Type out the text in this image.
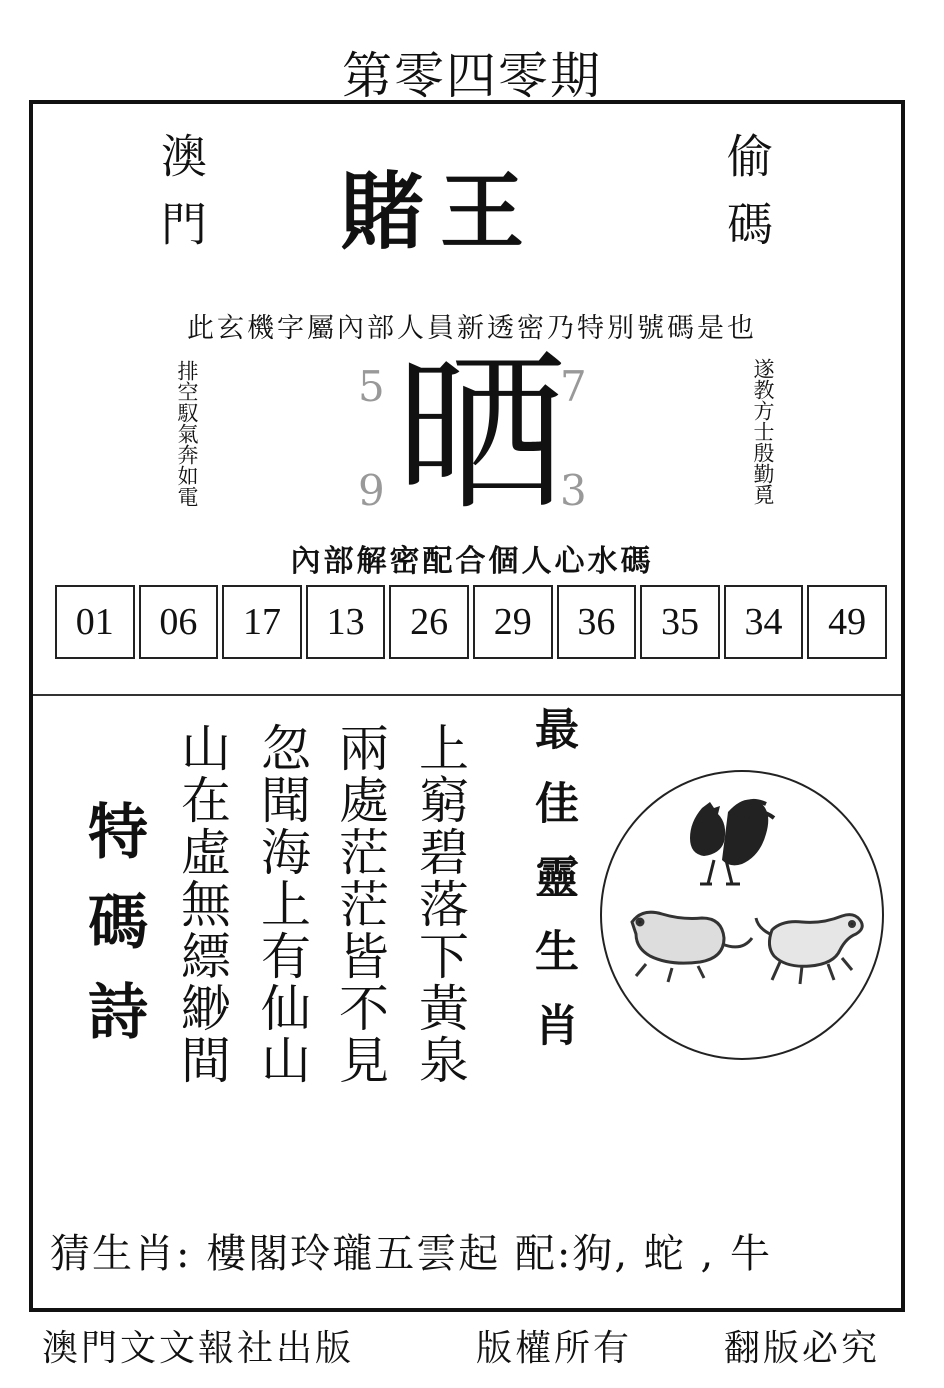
第零四零期
澳門	偷碼
賭王
此玄機字屬內部人員新透密乃特別號碼是也
排空馭氣奔如電	遂教方士殷勤覓
5	7
9	3
晒
內部解密配合個人心水碼
01	06	17	13	26	29	36	35	34	49
特碼詩	上窮碧落下黃泉
兩處茫茫皆不見
忽聞海上有仙山
山在虛無縹緲間	最佳靈生肖
猜生肖: 樓閣玲瓏五雲起 配:狗, 蛇 , 牛
澳門文文報社出版	版權所有	翻版必究
